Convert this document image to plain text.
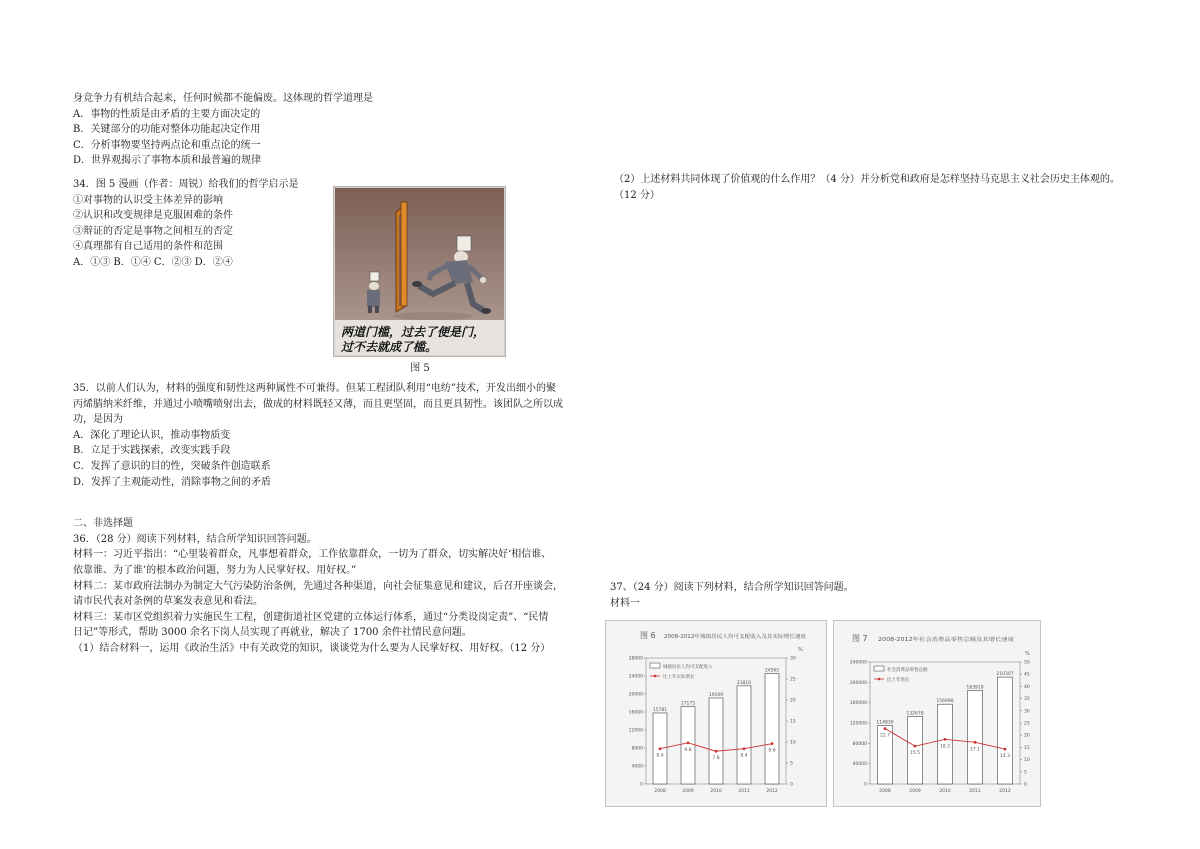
身竞争力有机结合起来，任何时候都不能偏废。这体现的哲学道理是

A．事物的性质是由矛盾的主要方面决定的

B．关键部分的功能对整体功能起决定作用

C．分析事物要坚持两点论和重点论的统一

D．世界观揭示了事物本质和最普遍的规律

34．图 5 漫画（作者：周锐）给我们的哲学启示是

①对事物的认识受主体差异的影响

②认识和改变规律是克服困难的条件

③辩证的否定是事物之间相互的否定

④真理都有自己适用的条件和范围

A．①③ B．①④ C．②③ D．②④

35．以前人们认为，材料的强度和韧性这两种属性不可兼得。但某工程团队利用“电纺”技术，开发出细小的聚

丙烯腈纳米纤维，并通过小喷嘴喷射出去，做成的材料既轻又薄，而且更坚固，而且更具韧性。该团队之所以成

功，是因为

A．深化了理论认识，推动事物质变

B．立足于实践探索，改变实践手段

C．发挥了意识的目的性，突破条件创造联系

D．发挥了主观能动性，消除事物之间的矛盾

二、非选择题

36．（28 分）阅读下列材料，结合所学知识回答问题。

材料一：习近平指出：“心里装着群众，凡事想着群众，工作依靠群众，一切为了群众，切实解决好‘相信谁、

依靠谁、为了谁’的根本政治问题，努力为人民掌好权、用好权。”

材料二：某市政府法制办为制定大气污染防治条例，先通过各种渠道，向社会征集意见和建议，后召开座谈会，

请市民代表对条例的草案发表意见和看法。

材料三：某市区党组织着力实施民生工程，创建街道社区党建的立体运行体系，通过“分类设岗定责”、“民情

日记”等形式，帮助 3000 余名下岗人员实现了再就业，解决了 1700 余件社情民意问题。

（1）结合材料一，运用《政治生活》中有关政党的知识，谈谈党为什么要为人民掌好权、用好权。（12 分）

两道门槛，过去了便是门，
过不去就成了槛。
图 5

（2）上述材料共同体现了价值观的什么作用？（4 分）并分析党和政府是怎样坚持马克思主义社会历史主体观的。

（12 分）

37、（24 分）阅读下列材料，结合所学知识回答问题。

材料一

图 6 2008-2012年城镇居民人均可支配收入及其实际增长速度
城镇居民人均可支配收入
比上年实际增长
0
4000
8000
12000
16000
20000
24000
28000
0
5
10
15
20
25
30
15781
2008
17175
2009
19109
2010
21810
2011
24565
2012
8.4
9.8
7.8
8.4
9.6
%
图 7 2008-2012年社会消费品零售总额及其增长速度
社会消费品零售总额
比上年增长
0
40000
80000
120000
160000
200000
240000
0
5
10
15
20
25
30
35
40
45
50
114830
2008
132678
2009
156998
2010
183919
2011
210307
2012
22.7
15.5
18.3
17.1
14.3
%
